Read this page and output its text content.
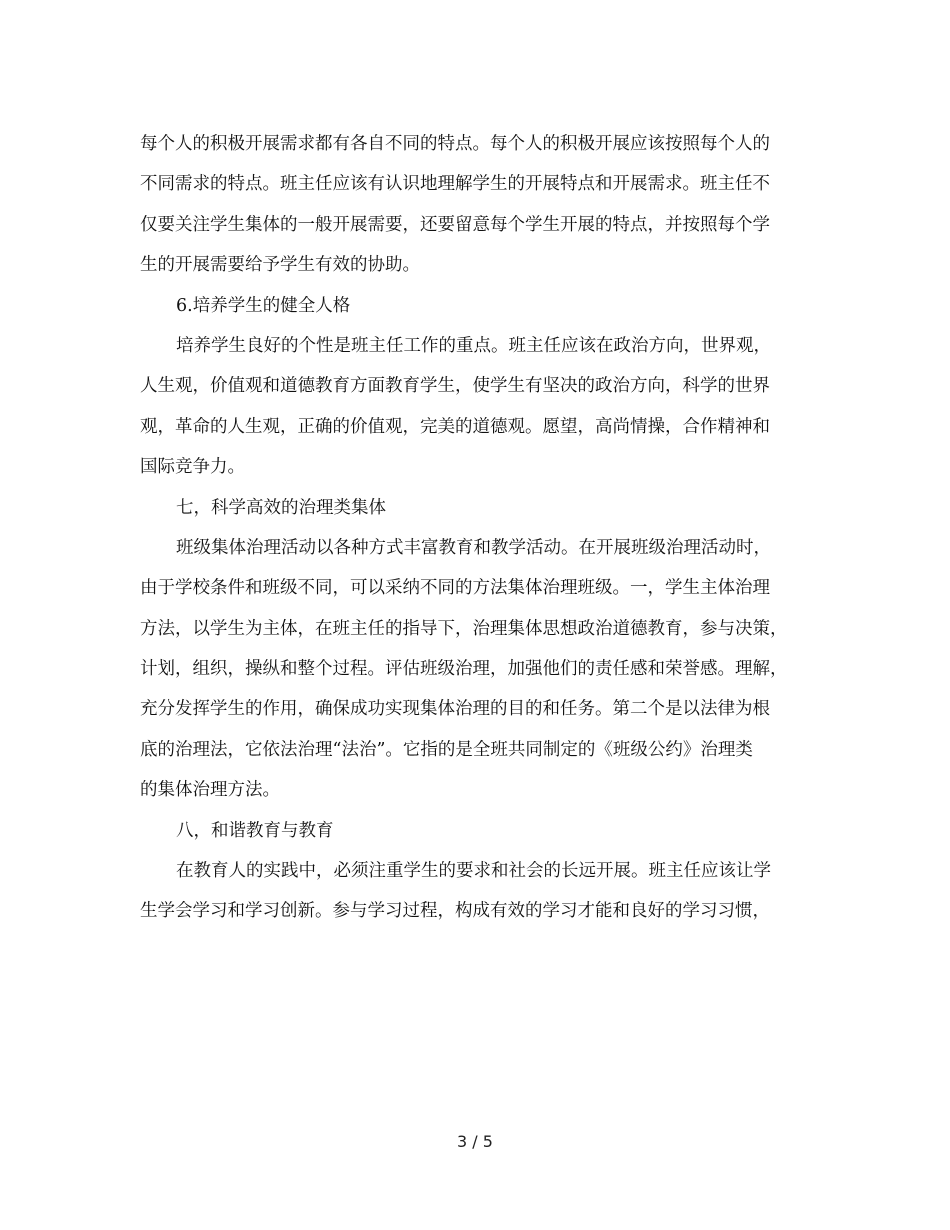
每个人的积极开展需求都有各自不同的特点。每个人的积极开展应该按照每个人的
不同需求的特点。班主任应该有认识地理解学生的开展特点和开展需求。班主任不
仅要关注学生集体的一般开展需要，还要留意每个学生开展的特点，并按照每个学
生的开展需要给予学生有效的协助。
6.培养学生的健全人格
培养学生良好的个性是班主任工作的重点。班主任应该在政治方向，世界观，
人生观，价值观和道德教育方面教育学生，使学生有坚决的政治方向，科学的世界
观，革命的人生观，正确的价值观，完美的道德观。愿望，高尚情操，合作精神和
国际竞争力。
七，科学高效的治理类集体
班级集体治理活动以各种方式丰富教育和教学活动。在开展班级治理活动时，
由于学校条件和班级不同，可以采纳不同的方法集体治理班级。一，学生主体治理
方法，以学生为主体，在班主任的指导下，治理集体思想政治道德教育，参与决策，
计划，组织，操纵和整个过程。评估班级治理，加强他们的责任感和荣誉感。理解，
充分发挥学生的作用，确保成功实现集体治理的目的和任务。第二个是以法律为根
底的治理法，它依法治理“法治”。它指的是全班共同制定的《班级公约》治理类
的集体治理方法。
八，和谐教育与教育
在教育人的实践中，必须注重学生的要求和社会的长远开展。班主任应该让学
生学会学习和学习创新。参与学习过程，构成有效的学习才能和良好的学习习惯，
3 / 5
